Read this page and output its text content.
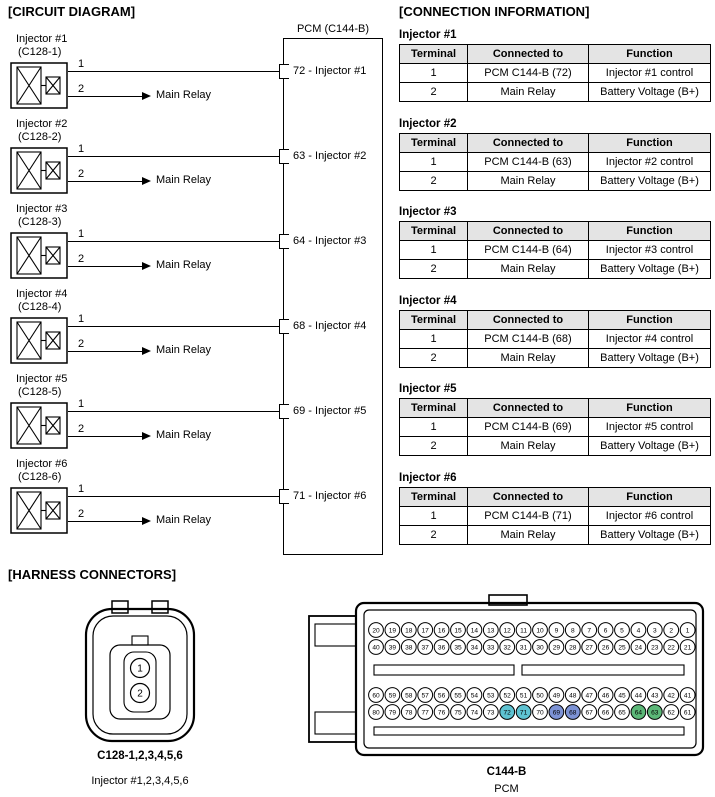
[CIRCUIT DIAGRAM]	[CONNECTION INFORMATION]
PCM (C144-B)
Injector #1
(C128-1)
1
2	Main Relay
72 - Injector #1
Injector #2
(C128-2)
1
2	Main Relay
63 - Injector #2
Injector #3
(C128-3)
1
2	Main Relay
64 - Injector #3
Injector #4
(C128-4)
1
2	Main Relay
68 - Injector #4
Injector #5
(C128-5)
1
2	Main Relay
69 - Injector #5
Injector #6
(C128-6)
1
2	Main Relay
71 - Injector #6
Injector #1
Terminal	Connected to	Function
1	PCM C144-B (72)	Injector #1 control
2	Main Relay	Battery Voltage (B+)
Injector #2
Terminal	Connected to	Function
1	PCM C144-B (63)	Injector #2 control
2	Main Relay	Battery Voltage (B+)
Injector #3
Terminal	Connected to	Function
1	PCM C144-B (64)	Injector #3 control
2	Main Relay	Battery Voltage (B+)
Injector #4
Terminal	Connected to	Function
1	PCM C144-B (68)	Injector #4 control
2	Main Relay	Battery Voltage (B+)
Injector #5
Terminal	Connected to	Function
1	PCM C144-B (69)	Injector #5 control
2	Main Relay	Battery Voltage (B+)
Injector #6
Terminal	Connected to	Function
1	PCM C144-B (71)	Injector #6 control
2	Main Relay	Battery Voltage (B+)
[HARNESS CONNECTORS]
1
2
C128-1,2,3,4,5,6
Injector #1,2,3,4,5,6
20 19 18 17 16 15 14 13 12 11 10 9 8 7 6 5 4 3 2 1
40 39 38 37 36 35 34 33 32 31 30 29 28 27 26 25 24 23 22 21
60 59 58 57 56 55 54 53 52 51 50 49 48 47 46 45 44 43 42 41
80 79 78 77 76 75 74 73 72 71 70 69 68 67 66 65 64 63 62 61
C144-B
PCM
